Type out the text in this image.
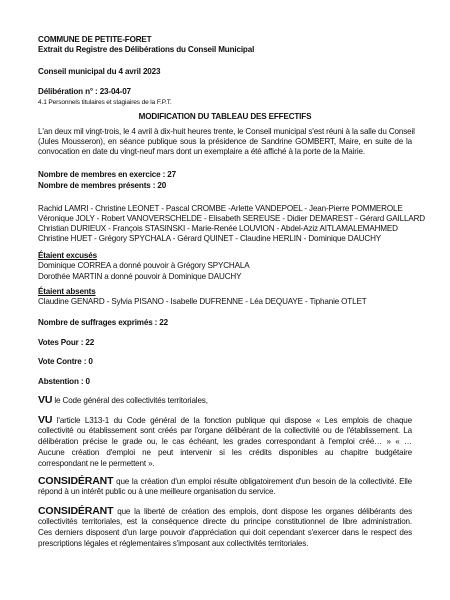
COMMUNE DE PETITE-FORET
Extrait du Registre des Délibérations du Conseil Municipal
Conseil municipal du 4 avril 2023
Délibération n° : 23-04-07
4.1 Personnels titulaires et stagiaires de la F.P.T.
MODIFICATION DU TABLEAU DES EFFECTIFS
L'an deux mil vingt-trois, le 4 avril à dix-huit heures trente, le Conseil municipal s'est réuni à la salle du Conseil
(Jules Mousseron), en séance publique sous la présidence de Sandrine GOMBERT, Maire, en suite de la
convocation en date du vingt-neuf mars dont un exemplaire a été affiché à la porte de la Mairie.
Nombre de membres en exercice : 27
Nombre de membres présents : 20
Rachid LAMRI - Christine LEONET - Pascal CROMBE -Arlette VANDEPOEL - Jean-Pierre POMMEROLE
Véronique JOLY - Robert VANOVERSCHELDE - Elisabeth SEREUSE - Didier DEMAREST - Gérard GAILLARD
Christian DURIEUX - François STASINSKI - Marie-Renée LOUVION - Abdel-Aziz AITLAMALEMAHMED
Christine HUET - Grégory SPYCHALA - Gérard QUINET - Claudine HERLIN - Dominique DAUCHY
Étaient excusés
Dominique CORREA a donné pouvoir à Grégory SPYCHALA
Dorothée MARTIN a donné pouvoir à Dominique DAUCHY
Étaient absents
Claudine GENARD - Sylvia PISANO - Isabelle DUFRENNE - Léa DEQUAYE - Tiphanie OTLET
Nombre de suffrages exprimés : 22
Votes Pour : 22
Vote Contre : 0
Abstention : 0
VU le Code général des collectivités territoriales,
VU l'article L313-1 du Code général de la fonction publique qui dispose « Les emplois de chaque
collectivité ou établissement sont créés par l'organe délibérant de la collectivité ou de l'établissement. La
délibération précise le grade ou, le cas échéant, les grades correspondant à l'emploi créé… » « …
Aucune création d'emploi ne peut intervenir si les crédits disponibles au chapitre budgétaire
correspondant ne le permettent ».
CONSIDÉRANT que la création d'un emploi résulte obligatoirement d'un besoin de la collectivité. Elle
répond à un intérêt public ou à une meilleure organisation du service.
CONSIDÉRANT que la liberté de création des emplois, dont dispose les organes délibérants des
collectivités territoriales, est la conséquence directe du principe constitutionnel de libre administration.
Ces derniers disposent d'un large pouvoir d'appréciation qui doit cependant s'exercer dans le respect des
prescriptions légales et réglementaires s'imposant aux collectivités territoriales.
